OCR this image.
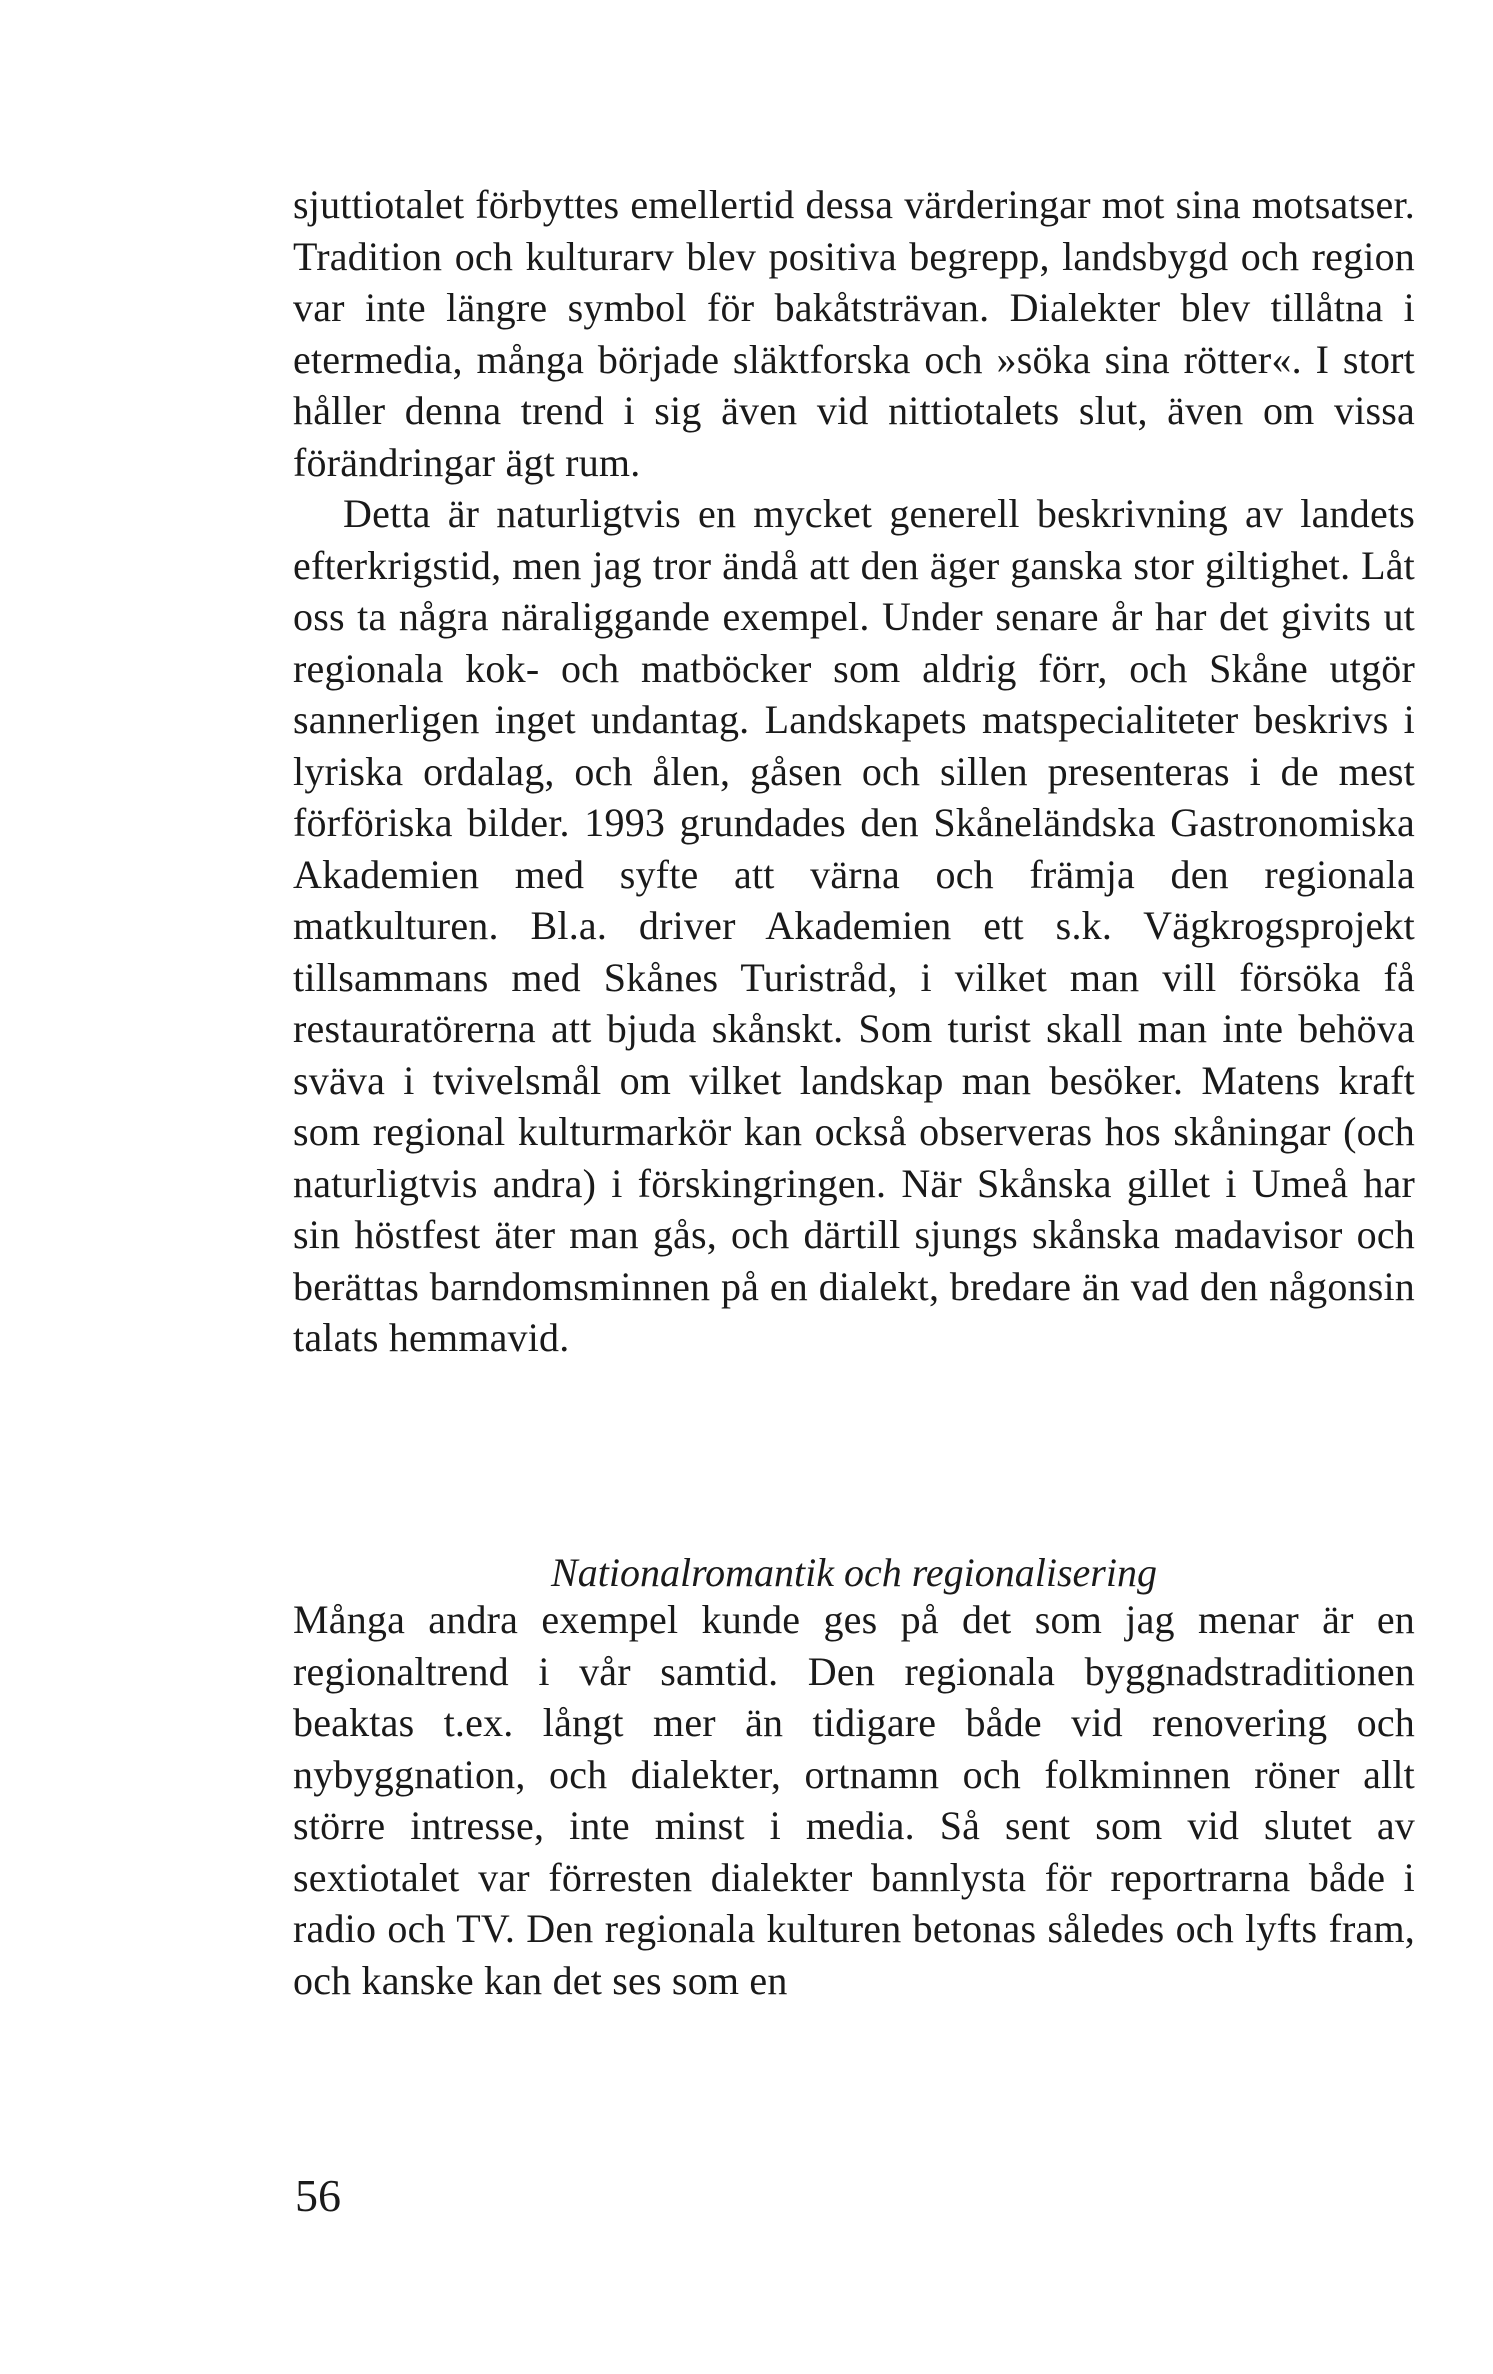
sjuttiotalet förbyttes emellertid dessa värderingar mot sina motsatser. Tradition och kulturarv blev positiva begrepp, landsbygd och region var inte längre symbol för bakåtsträvan. Dialekter blev tillåtna i etermedia, många började släktforska och »söka sina rötter«. I stort håller denna trend i sig även vid nittiotalets slut, även om vissa förändringar ägt rum.

Detta är naturligtvis en mycket generell beskrivning av landets efterkrigstid, men jag tror ändå att den äger ganska stor giltighet. Låt oss ta några näraliggande exempel. Under senare år har det givits ut regionala kok- och matböcker som aldrig förr, och Skåne utgör sannerligen inget undantag. Landskapets matspecialiteter beskrivs i lyriska ordalag, och ålen, gåsen och sillen presenteras i de mest förföriska bilder. 1993 grundades den Skåneländska Gastronomiska Akademien med syfte att värna och främja den regionala matkulturen. Bl.a. driver Akademien ett s.k. Vägkrogsprojekt tillsammans med Skånes Turistråd, i vilket man vill försöka få restauratörerna att bjuda skånskt. Som turist skall man inte behöva sväva i tvivelsmål om vilket landskap man besöker. Matens kraft som regional kulturmarkör kan också observeras hos skåningar (och naturligtvis andra) i förskingringen. När Skånska gillet i Umeå har sin höstfest äter man gås, och därtill sjungs skånska madavisor och berättas barndomsminnen på en dialekt, bredare än vad den någonsin talats hemmavid.

Nationalromantik och regionalisering

Många andra exempel kunde ges på det som jag menar är en regionaltrend i vår samtid. Den regionala byggnadstraditionen beaktas t.ex. långt mer än tidigare både vid renovering och nybyggnation, och dialekter, ortnamn och folkminnen röner allt större intresse, inte minst i media. Så sent som vid slutet av sextiotalet var förresten dialekter bannlysta för reportrarna både i radio och TV. Den regionala kulturen betonas således och lyfts fram, och kanske kan det ses som en

56
